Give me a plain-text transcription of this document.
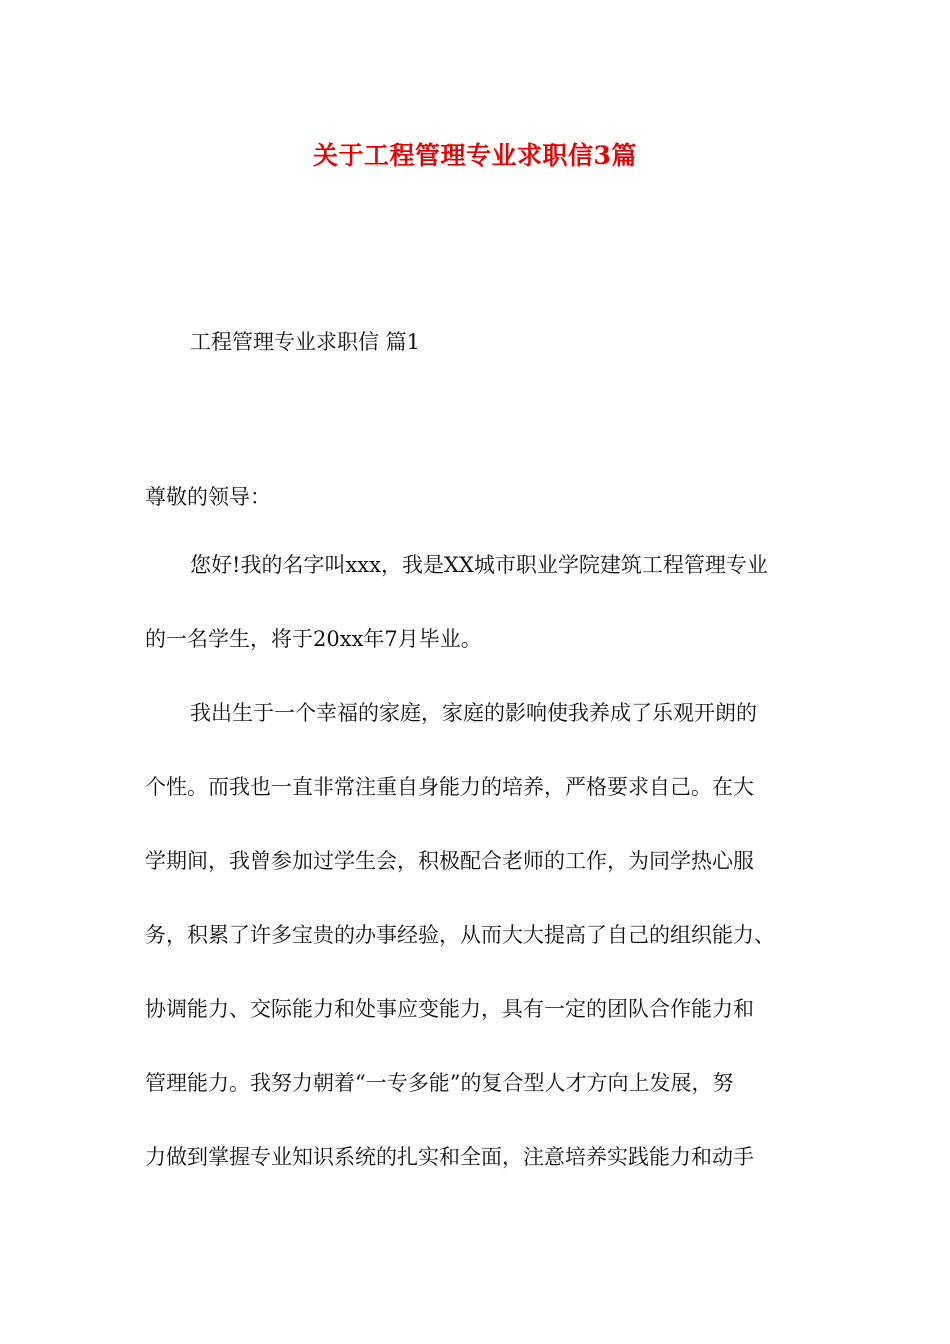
关于工程管理专业求职信3篇
工程管理专业求职信 篇1
尊敬的领导：
您好!我的名字叫xxx，我是XX城市职业学院建筑工程管理专业
的一名学生，将于20xx年7月毕业。
我出生于一个幸福的家庭，家庭的影响使我养成了乐观开朗的
个性。而我也一直非常注重自身能力的培养，严格要求自己。在大
学期间，我曾参加过学生会，积极配合老师的工作，为同学热心服
务，积累了许多宝贵的办事经验，从而大大提高了自己的组织能力、
协调能力、交际能力和处事应变能力，具有一定的团队合作能力和
管理能力。我努力朝着“一专多能”的复合型人才方向上发展，努
力做到掌握专业知识系统的扎实和全面，注意培养实践能力和动手
